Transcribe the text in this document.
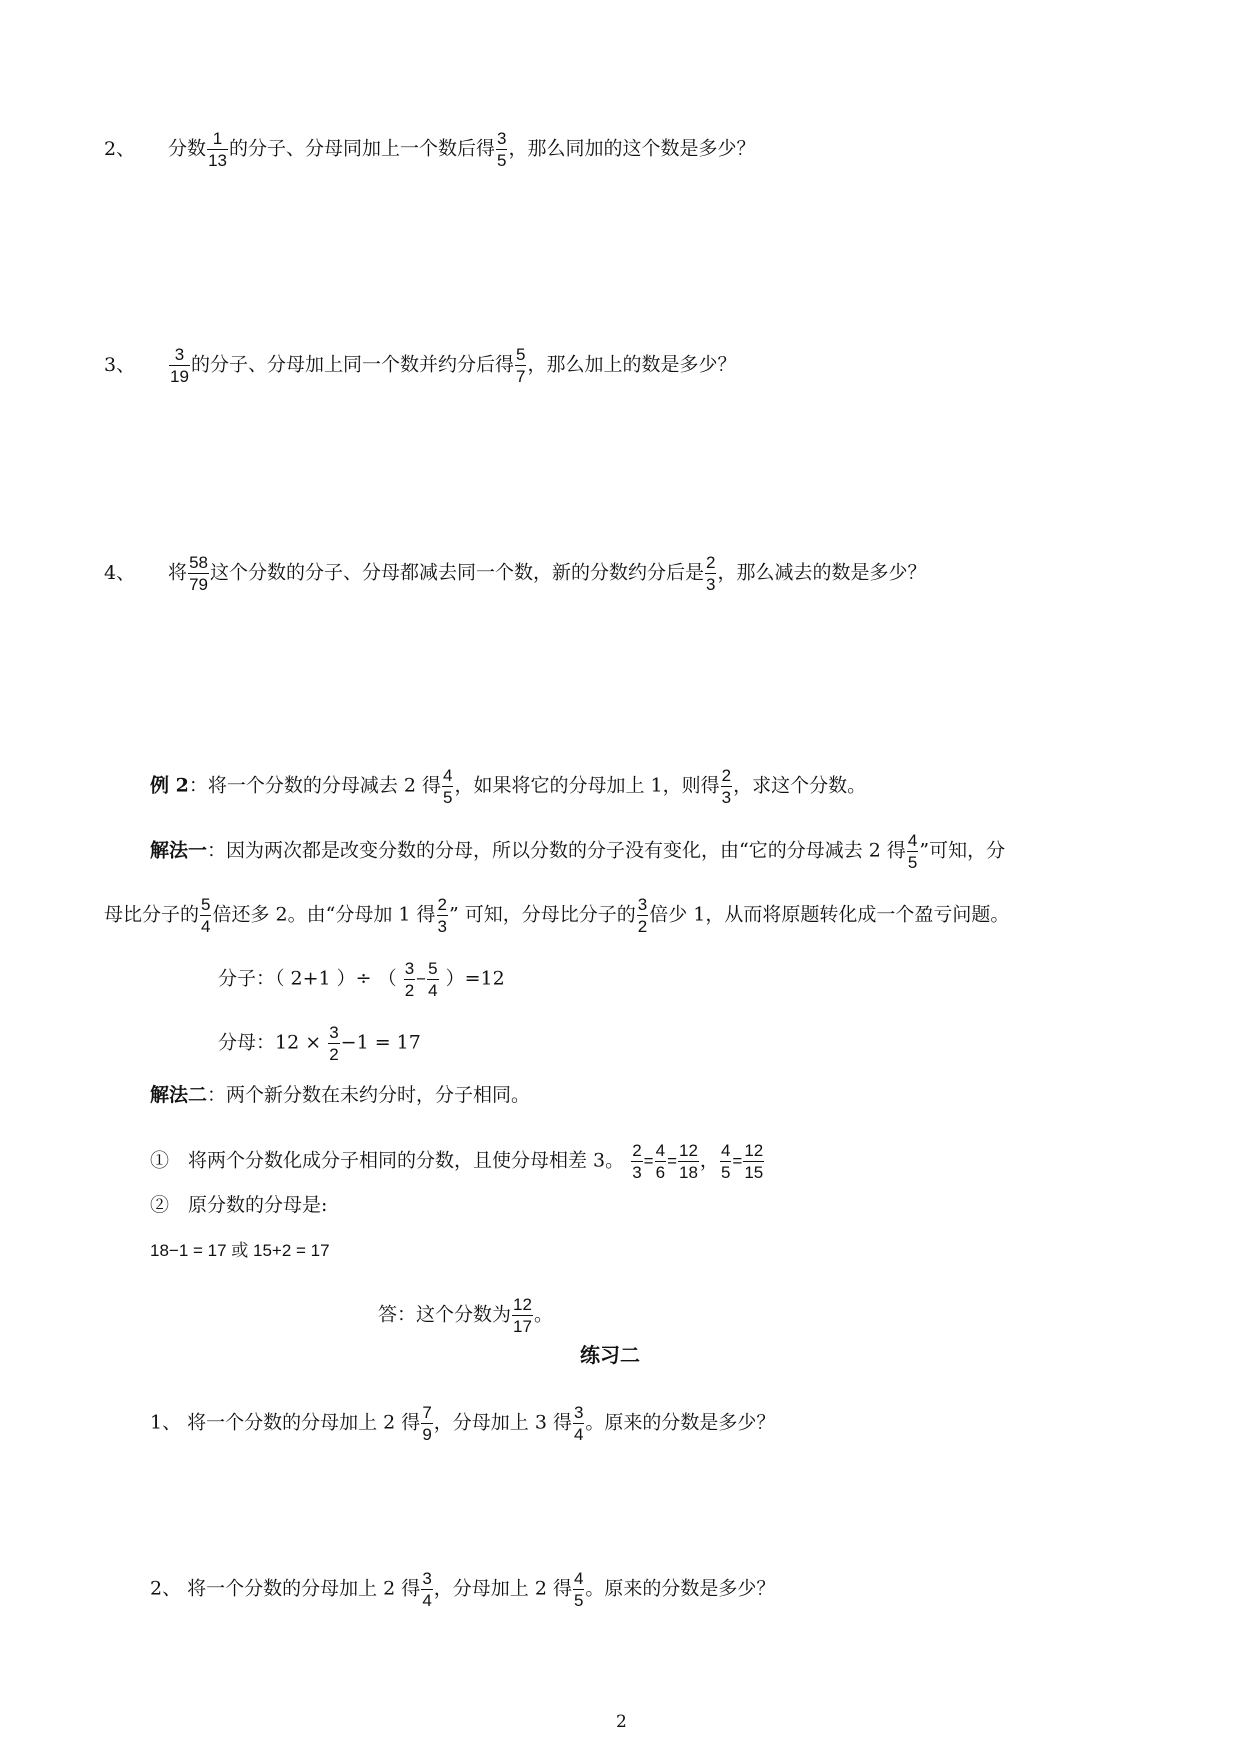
2、 分数 $\frac{1}{13}$ 的分子、分母同加上一个数后得 $\frac{3}{5}$ ，那么同加的这个数是多少？
3、 $\frac{3}{19}$ 的分子、分母加上同一个数并约分后得 $\frac{5}{7}$ ，那么加上的数是多少？
4、 将 $\frac{58}{79}$ 这个分数的分子、分母都减去同一个数，新的分数约分后是 $\frac{2}{3}$ ，那么减去的数是多少？
例 2：将一个分数的分母减去 2 得 $\frac{4}{5}$ ，如果将它的分母加上 1，则得 $\frac{2}{3}$ ，求这个分数。
解法一：因为两次都是改变分数的分母，所以分数的分子没有变化，由“它的分母减去 2 得 $\frac{4}{5}$ ”可知，分
母比分子的 $\frac{5}{4}$ 倍还多 2。由“分母加 1 得 $\frac{2}{3}$ ” 可知，分母比分子的 $\frac{3}{2}$ 倍少 1，从而将原题转化成一个盈亏问题。
分子：（ 2+1 ）÷ （ $\frac{3}{2} - \frac{5}{4} )=12$
分母：$12 \times \frac{3}{2} -1 = 17$
解法二：两个新分数在未约分时，分子相同。
①　将两个分数化成分子相同的分数，且使分母相差 3。 $\frac{2}{3} = \frac{4}{6} = \frac{12}{18}$ ， $\frac{4}{5} = \frac{12}{15}$
②　原分数的分母是:
18−1 = 17 或 15+2 = 17
答：这个分数为 $\frac{12}{17}$ 。
练习二
1、 将一个分数的分母加上 2 得 $\frac{7}{9}$ ，分母加上 3 得 $\frac{3}{4}$ 。原来的分数是多少？
2、 将一个分数的分母加上 2 得 $\frac{3}{4}$ ，分母加上 2 得 $\frac{4}{5}$ 。原来的分数是多少？
2
